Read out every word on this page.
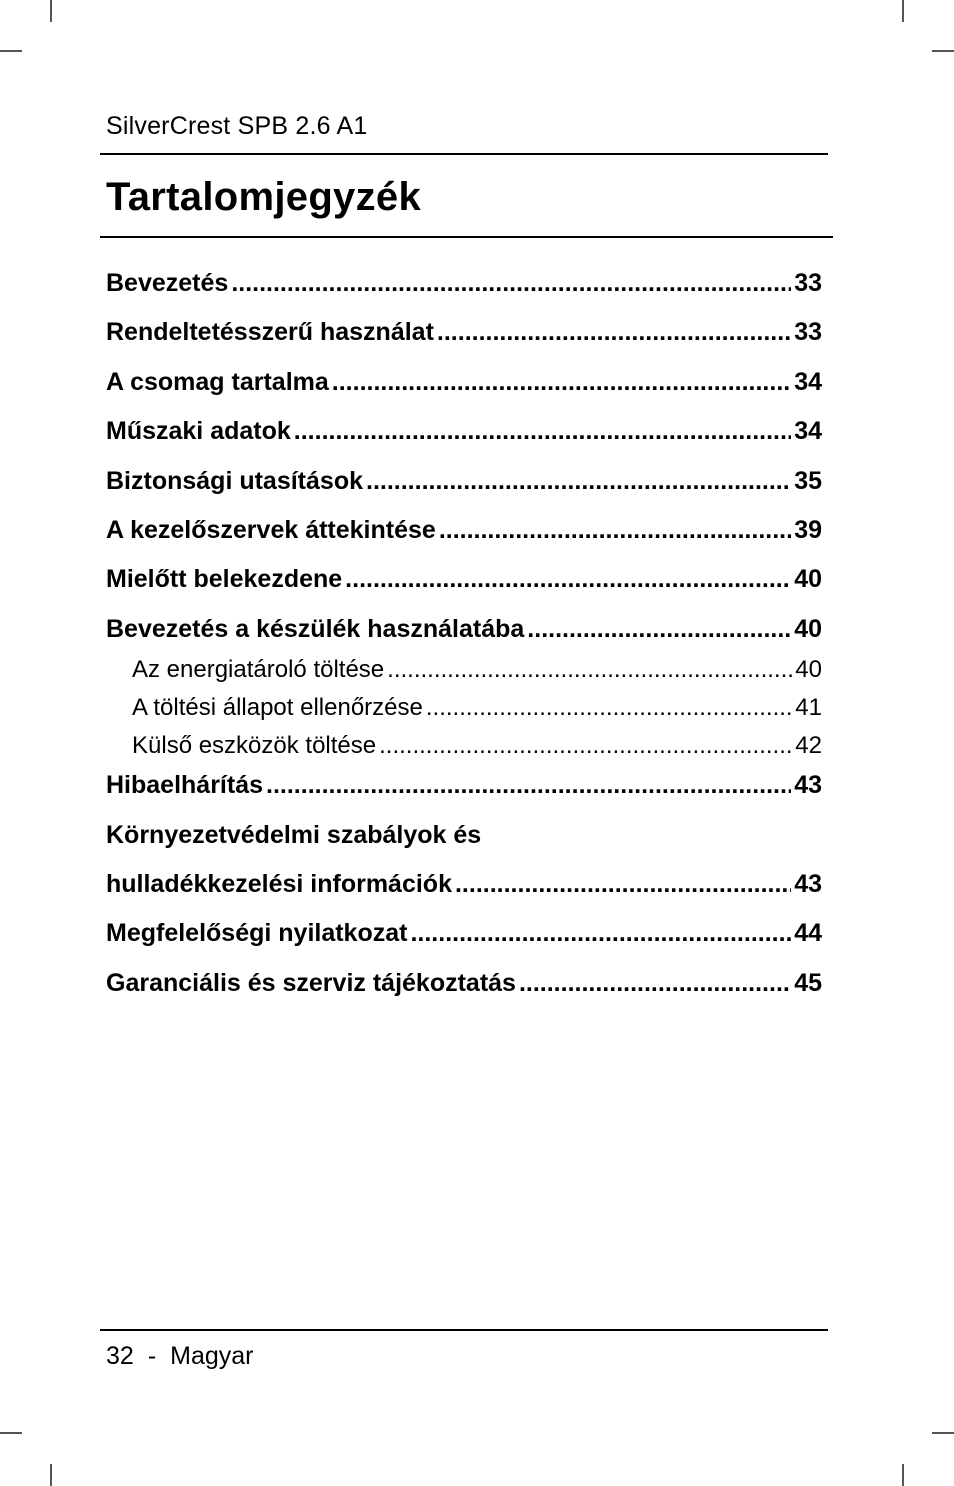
SilverCrest SPB 2.6 A1
Tartalomjegyzék
Bevezetés .....	33
Rendeltetésszerű használat .....	33
A csomag tartalma .....	34
Műszaki adatok .....	34
Biztonsági utasítások .....	35
A kezelőszervek áttekintése .....	39
Mielőtt belekezdene .....	40
Bevezetés a készülék használatába .....	40
Az energiatároló töltése .....	40
A töltési állapot ellenőrzése .....	41
Külső eszközök töltése .....	42
Hibaelhárítás .....	43
Környezetvédelmi szabályok és
hulladékkezelési információk .....	43
Megfelelőségi nyilatkozat .....	44
Garanciális és szerviz tájékoztatás .....	45
32 - Magyar
